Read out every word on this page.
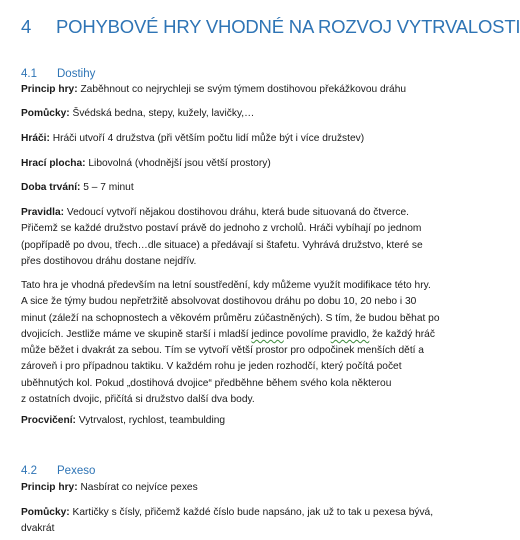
4 POHYBOVÉ HRY VHODNÉ NA ROZVOJ VYTRVALOSTI
4.1 Dostihy
Princip hry: Zaběhnout co nejrychleji se svým týmem dostihovou překážkovou dráhu
Pomůcky: Švédská bedna, stepy, kužely, lavičky,…
Hráči: Hráči utvoří 4 družstva (při větším počtu lidí může být i více družstev)
Hrací plocha: Libovolná (vhodnější jsou větší prostory)
Doba trvání: 5 – 7 minut
Pravidla: Vedoucí vytvoří nějakou dostihovou dráhu, která bude situovaná do čtverce.
Přičemž se každé družstvo postaví právě do jednoho z vrcholů. Hráči vybíhají po jednom
(popřípadě po dvou, třech…dle situace) a předávají si štafetu. Vyhrává družstvo, které se
přes dostihovou dráhu dostane nejdřív.
Tato hra je vhodná především na letní soustředění, kdy můžeme využít modifikace této hry.
A sice že týmy budou nepřetržitě absolvovat dostihovou dráhu po dobu 10, 20 nebo i 30
minut (záleží na schopnostech a věkovém průměru zúčastněných). S tím, že budou běhat po
dvojicích. Jestliže máme ve skupině starší i mladší jedince povolíme pravidlo, že každý hráč
může běžet i dvakrát za sebou. Tím se vytvoří větší prostor pro odpočinek menších dětí a
zároveň i pro případnou taktiku. V každém rohu je jeden rozhodčí, který počítá počet
uběhnutých kol. Pokud „dostihová dvojice“ předběhne během svého kola některou
z ostatních dvojic, přičítá si družstvo další dva body.
Procvičení: Vytrvalost, rychlost, teambulding
4.2 Pexeso
Princip hry: Nasbírat co nejvíce pexes
Pomůcky: Kartičky s čísly, přičemž každé číslo bude napsáno, jak už to tak u pexesa bývá,
dvakrát
